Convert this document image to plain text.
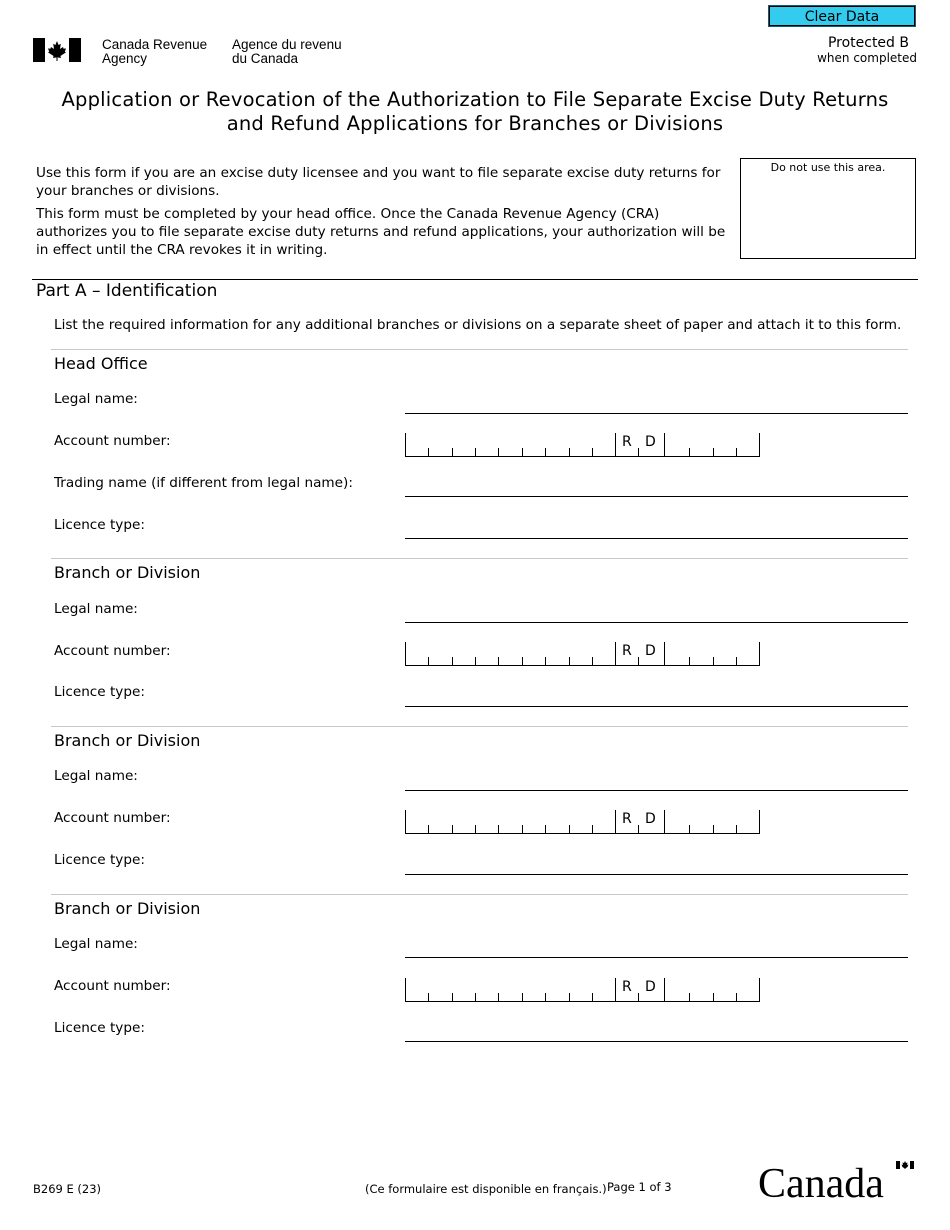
Clear Data
Canada Revenue
Agency
Agence du revenu
du Canada
Protected B
when completed
Application or Revocation of the Authorization to File Separate Excise Duty Returns
and Refund Applications for Branches or Divisions
Use this form if you are an excise duty licensee and you want to file separate excise duty returns for your branches or divisions.
This form must be completed by your head office. Once the Canada Revenue Agency (CRA) authorizes you to file separate excise duty returns and refund applications, your authorization will be in effect until the CRA revokes it in writing.
Do not use this area.
Part A – Identification
List the required information for any additional branches or divisions on a separate sheet of paper and attach it to this form.
Head Office
Legal name:
Account number:	R D
Trading name (if different from legal name):
Licence type:
Branch or Division
Legal name:
Account number:	R D
Licence type:
Branch or Division
Legal name:
Account number:	R D
Licence type:
Branch or Division
Legal name:
Account number:	R D
Licence type:
B269 E (23)	(Ce formulaire est disponible en français.) Page 1 of 3 Canada
